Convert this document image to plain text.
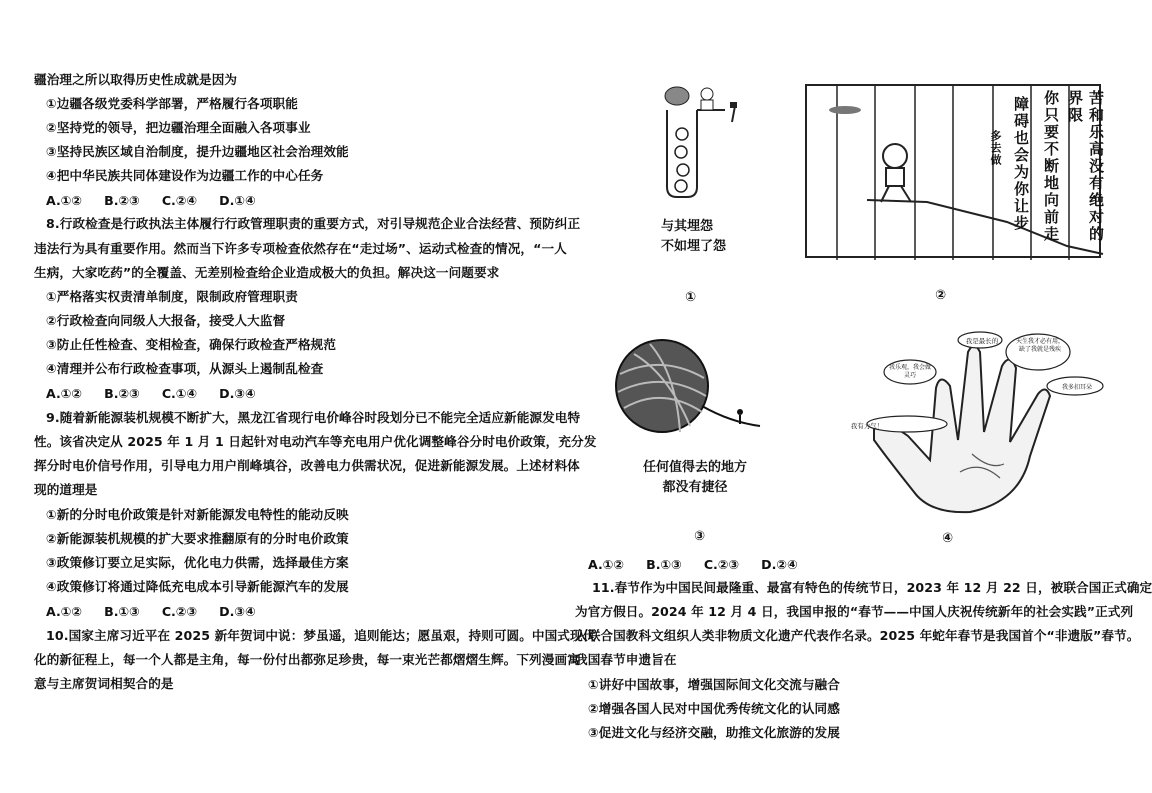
疆治理之所以取得历史性成就是因为
①边疆各级党委科学部署，严格履行各项职能
②坚持党的领导，把边疆治理全面融入各项事业
③坚持民族区域自治制度，提升边疆地区社会治理效能
④把中华民族共同体建设作为边疆工作的中心任务
A.①② B.②③ C.②④ D.①④
8.行政检查是行政执法主体履行行政管理职责的重要方式，对引导规范企业合法经营、预防纠正
违法行为具有重要作用。然而当下许多专项检查依然存在“走过场”、运动式检查的情况，“一人
生病，大家吃药”的全覆盖、无差别检查给企业造成极大的负担。解决这一问题要求
①严格落实权责清单制度，限制政府管理职责
②行政检查向同级人大报备，接受人大监督
③防止任性检查、变相检查，确保行政检查严格规范
④清理并公布行政检查事项，从源头上遏制乱检查
A.①② B.②③ C.①④ D.③④
9.随着新能源装机规模不断扩大，黑龙江省现行电价峰谷时段划分已不能完全适应新能源发电特
性。该省决定从 2025 年 1 月 1 日起针对电动汽车等充电用户优化调整峰谷分时电价政策，充分发
挥分时电价信号作用，引导电力用户削峰填谷，改善电力供需状况，促进新能源发展。上述材料体
现的道理是
①新的分时电价政策是针对新能源发电特性的能动反映
②新能源装机规模的扩大要求推翻原有的分时电价政策
③政策修订要立足实际，优化电力供需，选择最佳方案
④政策修订将通过降低充电成本引导新能源汽车的发展
A.①② B.①③ C.②③ D.③④
10.国家主席习近平在 2025 新年贺词中说：梦虽遥，追则能达；愿虽艰，持则可圆。中国式现代
化的新征程上，每一个人都是主角，每一份付出都弥足珍贵，每一束光芒都熠熠生辉。下列漫画寓
意与主席贺词相契合的是
与其埋怨
不如埋了怨
①
苦和乐高没有绝对的界限
你只要不断地向前走
障碍也会为你让步
多去做
②
任何值得去的地方
都没有捷径
③
我是最长的	天生我才必有用，缺了我就是残疾
我乐观，我会做灵巧
我多扣耳朵
我有力气！
④
A.①② B.①③ C.②③ D.②④
11.春节作为中国民间最隆重、最富有特色的传统节日，2023 年 12 月 22 日，被联合国正式确定
为官方假日。2024 年 12 月 4 日，我国申报的“春节——中国人庆祝传统新年的社会实践”正式列
入联合国教科文组织人类非物质文化遗产代表作名录。2025 年蛇年春节是我国首个“非遗版”春节。
我国春节申遗旨在
①讲好中国故事，增强国际间文化交流与融合
②增强各国人民对中国优秀传统文化的认同感
③促进文化与经济交融，助推文化旅游的发展
